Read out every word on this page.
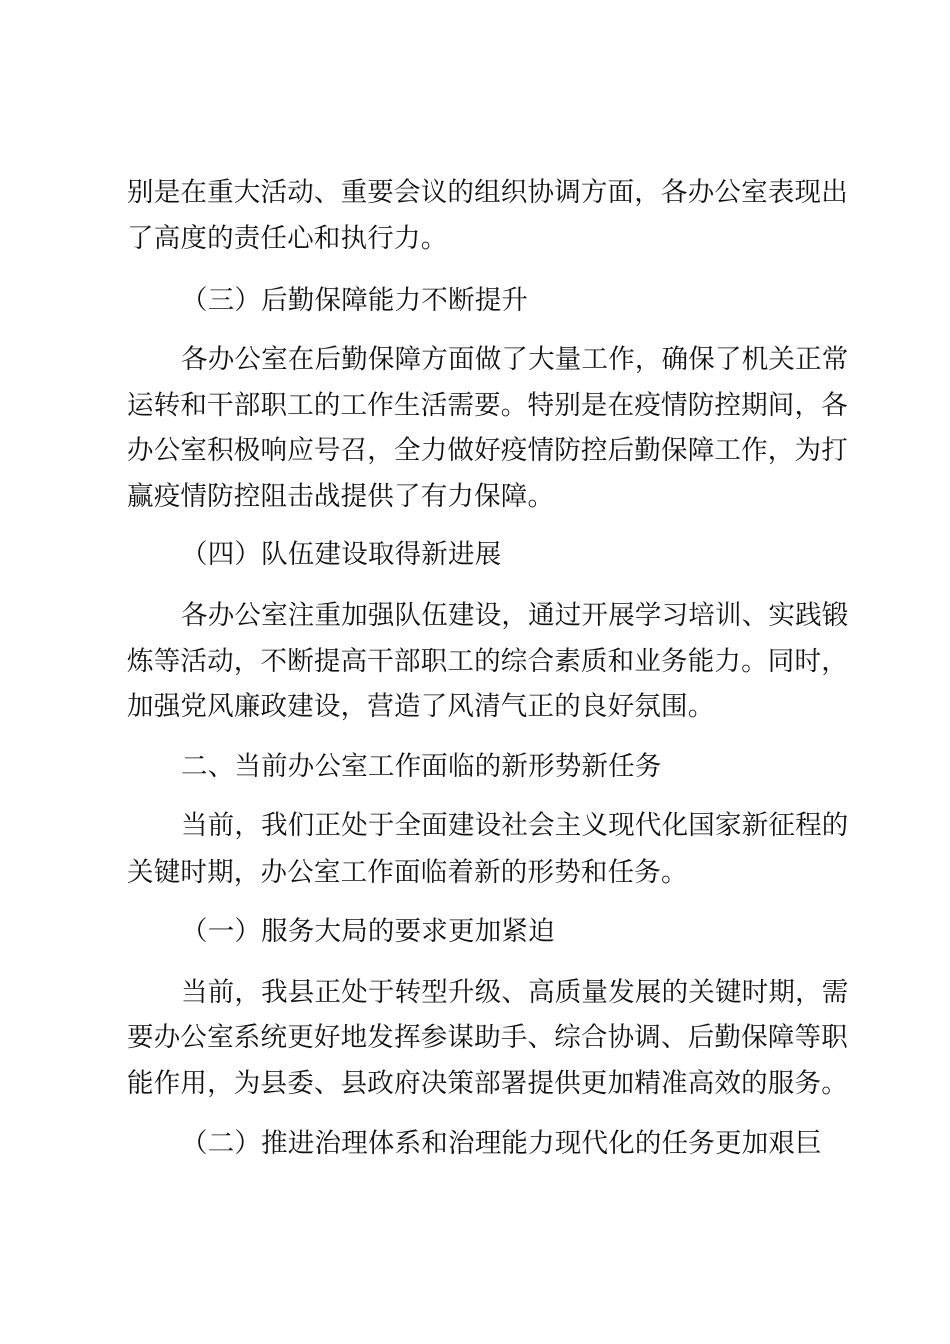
别是在重大活动、重要会议的组织协调方面，各办公室表现出
了高度的责任心和执行力。
（三）后勤保障能力不断提升
各办公室在后勤保障方面做了大量工作，确保了机关正常
运转和干部职工的工作生活需要。特别是在疫情防控期间，各
办公室积极响应号召，全力做好疫情防控后勤保障工作，为打
赢疫情防控阻击战提供了有力保障。
（四）队伍建设取得新进展
各办公室注重加强队伍建设，通过开展学习培训、实践锻
炼等活动，不断提高干部职工的综合素质和业务能力。同时，
加强党风廉政建设，营造了风清气正的良好氛围。
二、当前办公室工作面临的新形势新任务
当前，我们正处于全面建设社会主义现代化国家新征程的
关键时期，办公室工作面临着新的形势和任务。
（一）服务大局的要求更加紧迫
当前，我县正处于转型升级、高质量发展的关键时期，需
要办公室系统更好地发挥参谋助手、综合协调、后勤保障等职
能作用，为县委、县政府决策部署提供更加精准高效的服务。
（二）推进治理体系和治理能力现代化的任务更加艰巨
